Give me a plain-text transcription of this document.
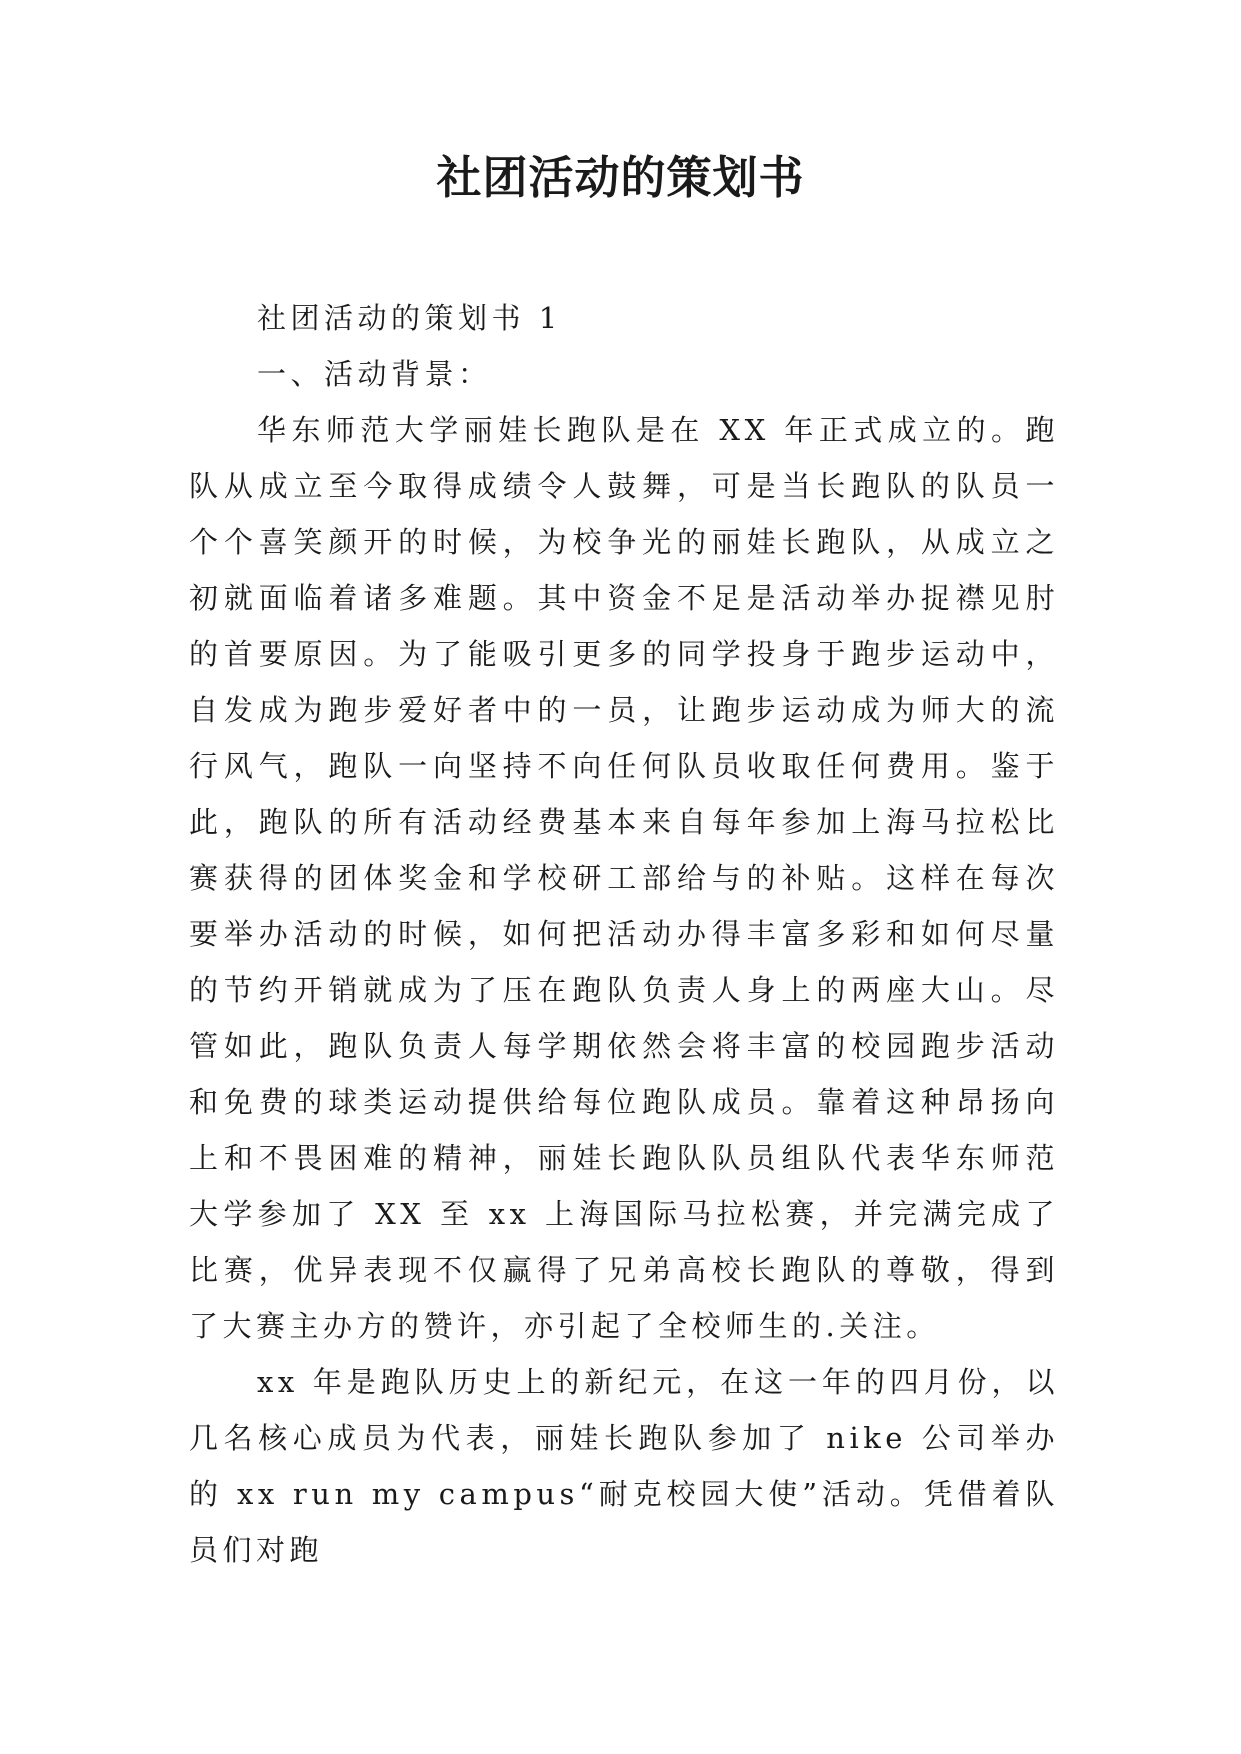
社团活动的策划书

社团活动的策划书 1

一、活动背景：

华东师范大学丽娃长跑队是在 XX 年正式成立的。跑队从成立至今取得成绩令人鼓舞，可是当长跑队的队员一个个喜笑颜开的时候，为校争光的丽娃长跑队，从成立之初就面临着诸多难题。其中资金不足是活动举办捉襟见肘的首要原因。为了能吸引更多的同学投身于跑步运动中，自发成为跑步爱好者中的一员，让跑步运动成为师大的流行风气，跑队一向坚持不向任何队员收取任何费用。鉴于此，跑队的所有活动经费基本来自每年参加上海马拉松比赛获得的团体奖金和学校研工部给与的补贴。这样在每次要举办活动的时候，如何把活动办得丰富多彩和如何尽量的节约开销就成为了压在跑队负责人身上的两座大山。尽管如此，跑队负责人每学期依然会将丰富的校园跑步活动和免费的球类运动提供给每位跑队成员。靠着这种昂扬向上和不畏困难的精神，丽娃长跑队队员组队代表华东师范大学参加了 XX 至 xx 上海国际马拉松赛，并完满完成了比赛，优异表现不仅赢得了兄弟高校长跑队的尊敬，得到了大赛主办方的赞许，亦引起了全校师生的.关注。

xx 年是跑队历史上的新纪元，在这一年的四月份，以几名核心成员为代表，丽娃长跑队参加了 nike 公司举办的 xx run my campus“耐克校园大使”活动。凭借着队员们对跑
